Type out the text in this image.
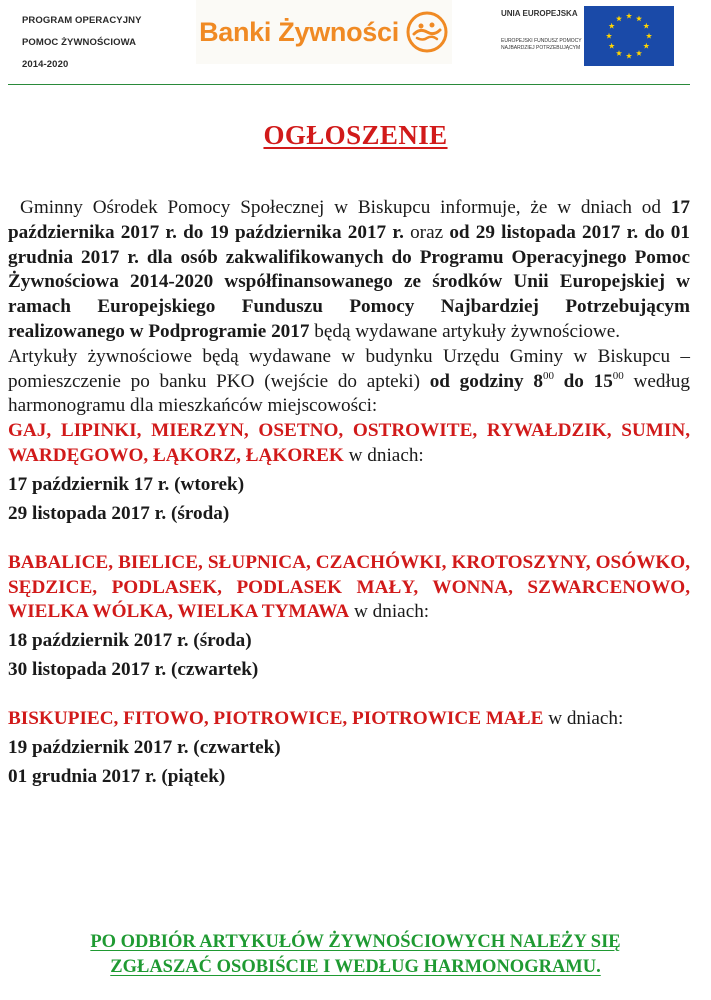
PROGRAM OPERACYJNY
POMOC ŻYWNOŚCIOWA
2014-2020
Banki Żywności
UNIA EUROPEJSKA
EUROPEJSKI FUNDUSZ POMOCY NAJBARDZIEJ POTRZEBUJĄCYM
OGŁOSZENIE

Gminny Ośrodek Pomocy Społecznej w Biskupcu informuje, że w dniach od 17 października 2017 r. do 19 października 2017 r. oraz od 29 listopada 2017 r. do 01 grudnia 2017 r. dla osób zakwalifikowanych do Programu Operacyjnego Pomoc Żywnościowa 2014-2020 współfinansowanego ze środków Unii Europejskiej w ramach Europejskiego Funduszu Pomocy Najbardziej Potrzebującym realizowanego w Podprogramie 2017 będą wydawane artykuły żywnościowe.

Artykuły żywnościowe będą wydawane w budynku Urzędu Gminy w Biskupcu – pomieszczenie po banku PKO (wejście do apteki) od godziny $8^{00}$ do $15^{00}$ według harmonogramu dla mieszkańców miejscowości:

GAJ, LIPINKI, MIERZYN, OSETNO, OSTROWITE, RYWAŁDZIK, SUMIN, WARDĘGOWO, ŁĄKORZ, ŁĄKOREK w dniach:

17 październik 17 r. (wtorek)

29 listopada 2017 r. (środa)

BABALICE, BIELICE, SŁUPNICA, CZACHÓWKI, KROTOSZYNY, OSÓWKO, SĘDZICE, PODLASEK, PODLASEK MAŁY, WONNA, SZWARCENOWO, WIELKA WÓLKA, WIELKA TYMAWA w dniach:

18 październik 2017 r. (środa)

30 listopada 2017 r. (czwartek)

BISKUPIEC, FITOWO, PIOTROWICE, PIOTROWICE MAŁE w dniach:

19 październik 2017 r. (czwartek)

01 grudnia 2017 r. (piątek)

PO ODBIÓR ARTYKUŁÓW ŻYWNOŚCIOWYCH NALEŻY SIĘ
ZGŁASZAĆ OSOBIŚCIE I WEDŁUG HARMONOGRAMU.
